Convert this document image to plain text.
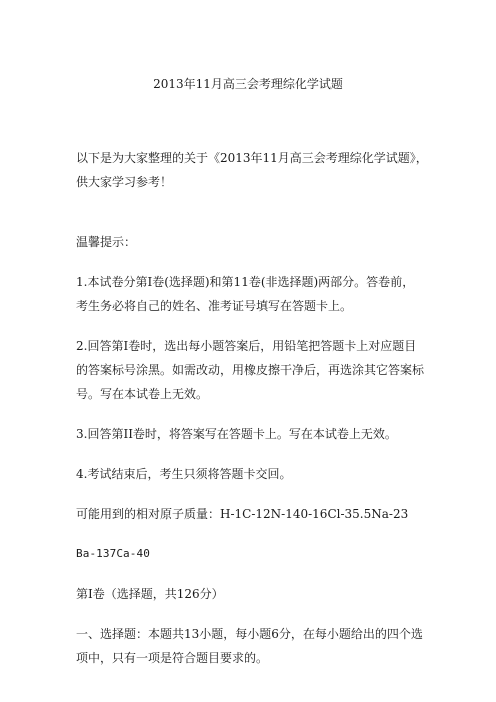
2013年11月高三会考理综化学试题
以下是为大家整理的关于《2013年11月高三会考理综化学试题》，
供大家学习参考！
温馨提示：
1.本试卷分第Ⅰ卷(选择题)和第11卷(非选择题)两部分。答卷前，
考生务必将自己的姓名、准考证号填写在答题卡上。
2.回答第Ⅰ卷时，选出每小题答案后，用铅笔把答题卡上对应题目
的答案标号涂黑。如需改动，用橡皮擦干净后，再选涂其它答案标
号。写在本试卷上无效。
3.回答第II卷时，将答案写在答题卡上。写在本试卷上无效。
4.考试结束后，考生只须将答题卡交回。
可能用到的相对原子质量：H-1C-12N-140-16Cl-35.5Na-23
Ba-137Ca-40
第Ⅰ卷（选择题，共126分）
一、选择题：本题共13小题，每小题6分，在每小题给出的四个选
项中，只有一项是符合题目要求的。
